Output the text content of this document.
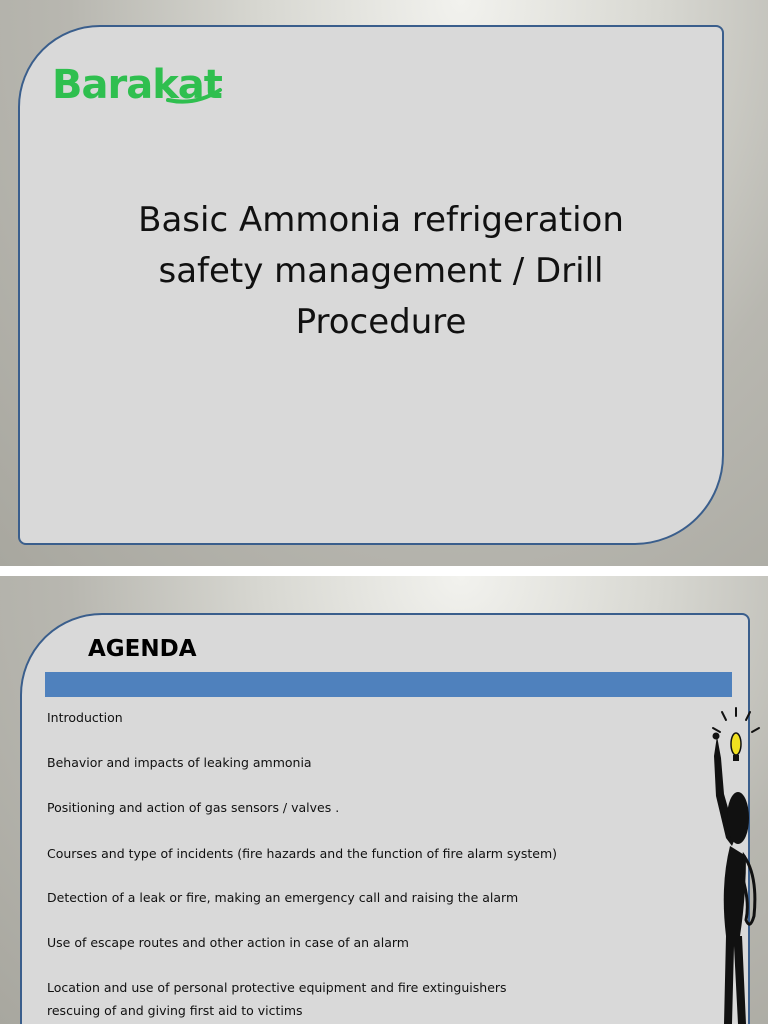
Barakat
Basic Ammonia refrigeration
safety management / Drill
Procedure
AGENDA
Introduction
Behavior and impacts of leaking ammonia
Positioning and action of gas sensors / valves .
Courses and type of incidents (fire hazards and the function of fire alarm system)
Detection of a leak or fire, making an emergency call and raising the alarm
Use of escape routes and other action in case of an alarm
Location and use of personal protective equipment and fire extinguishers
rescuing of and giving first aid to victims
